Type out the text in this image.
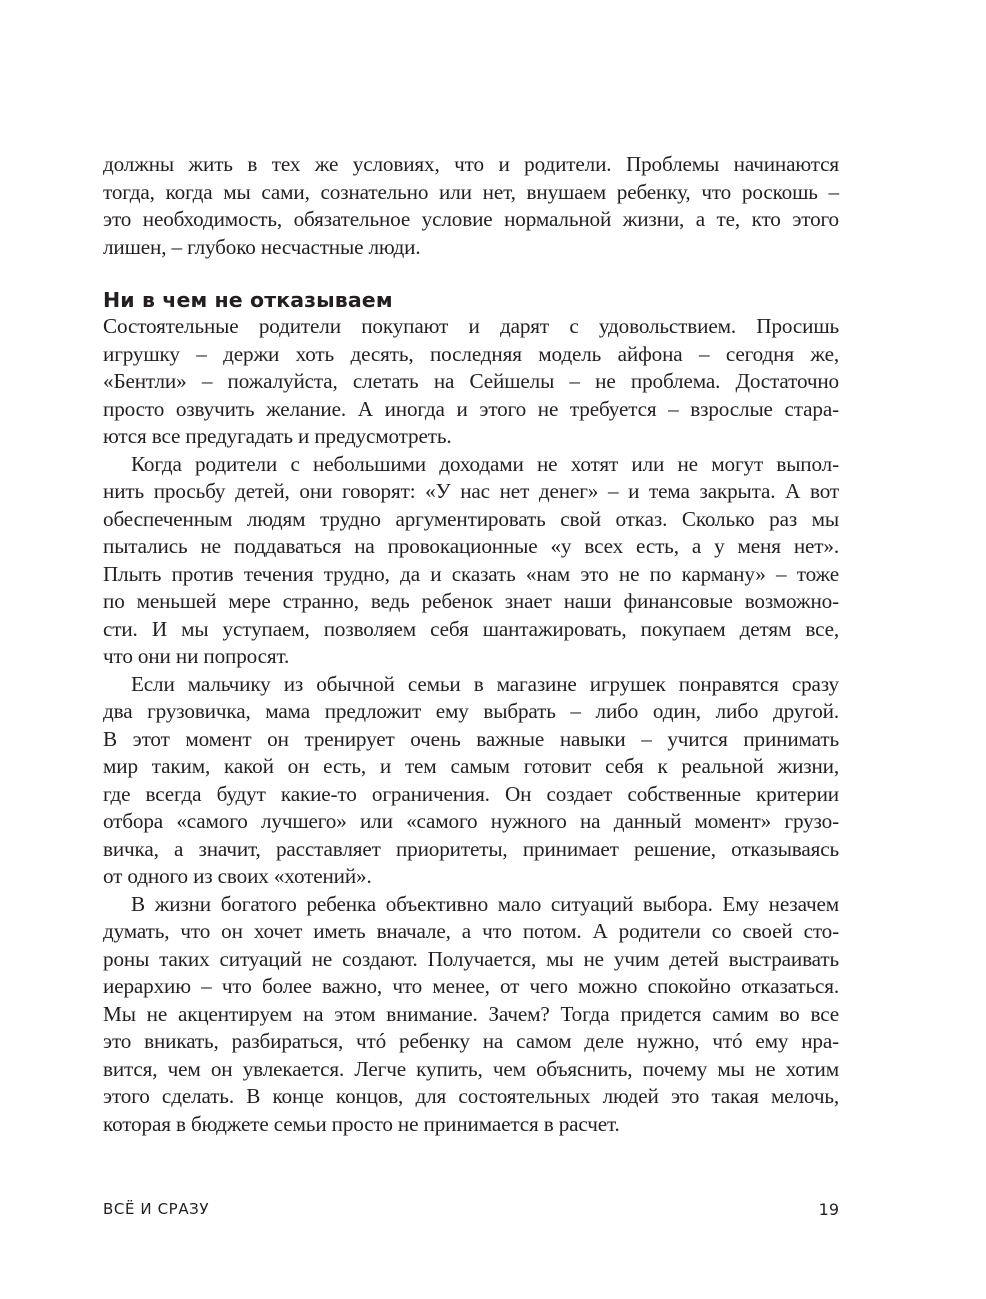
должны жить в тех же условиях, что и родители. Проблемы начинаются
тогда, когда мы сами, сознательно или нет, внушаем ребенку, что роскошь –
это необходимость, обязательное условие нормальной жизни, а те, кто этого
лишен, – глубоко несчастные люди.

Ни в чем не отказываем

Состоятельные родители покупают и дарят с удовольствием. Просишь
игрушку – держи хоть десять, последняя модель айфона – сегодня же,
«Бентли» – пожалуйста, слетать на Сейшелы – не проблема. Достаточно
просто озвучить желание. А иногда и этого не требуется – взрослые стара-
ются все предугадать и предусмотреть.

Когда родители с небольшими доходами не хотят или не могут выпол-
нить просьбу детей, они говорят: «У нас нет денег» – и тема закрыта. А вот
обеспеченным людям трудно аргументировать свой отказ. Сколько раз мы
пытались не поддаваться на провокационные «у всех есть, а у меня нет».
Плыть против течения трудно, да и сказать «нам это не по карману» – тоже
по меньшей мере странно, ведь ребенок знает наши финансовые возможно-
сти. И мы уступаем, позволяем себя шантажировать, покупаем детям все,
что они ни попросят.

Если мальчику из обычной семьи в магазине игрушек понравятся сразу
два грузовичка, мама предложит ему выбрать – либо один, либо другой.
В этот момент он тренирует очень важные навыки – учится принимать
мир таким, какой он есть, и тем самым готовит себя к реальной жизни,
где всегда будут какие-то ограничения. Он создает собственные критерии
отбора «самого лучшего» или «самого нужного на данный момент» грузо-
вичка, а значит, расставляет приоритеты, принимает решение, отказываясь
от одного из своих «хотений».

В жизни богатого ребенка объективно мало ситуаций выбора. Ему незачем
думать, что он хочет иметь вначале, а что потом. А родители со своей сто-
роны таких ситуаций не создают. Получается, мы не учим детей выстраивать
иерархию – что более важно, что менее, от чего можно спокойно отказаться.
Мы не акцентируем на этом внимание. Зачем? Тогда придется самим во все
это вникать, разбираться, чтó ребенку на самом деле нужно, чтó ему нра-
вится, чем он увлекается. Легче купить, чем объяснить, почему мы не хотим
этого сделать. В конце концов, для состоятельных людей это такая мелочь,
которая в бюджете семьи просто не принимается в расчет.

ВСЁ И СРАЗУ	19
